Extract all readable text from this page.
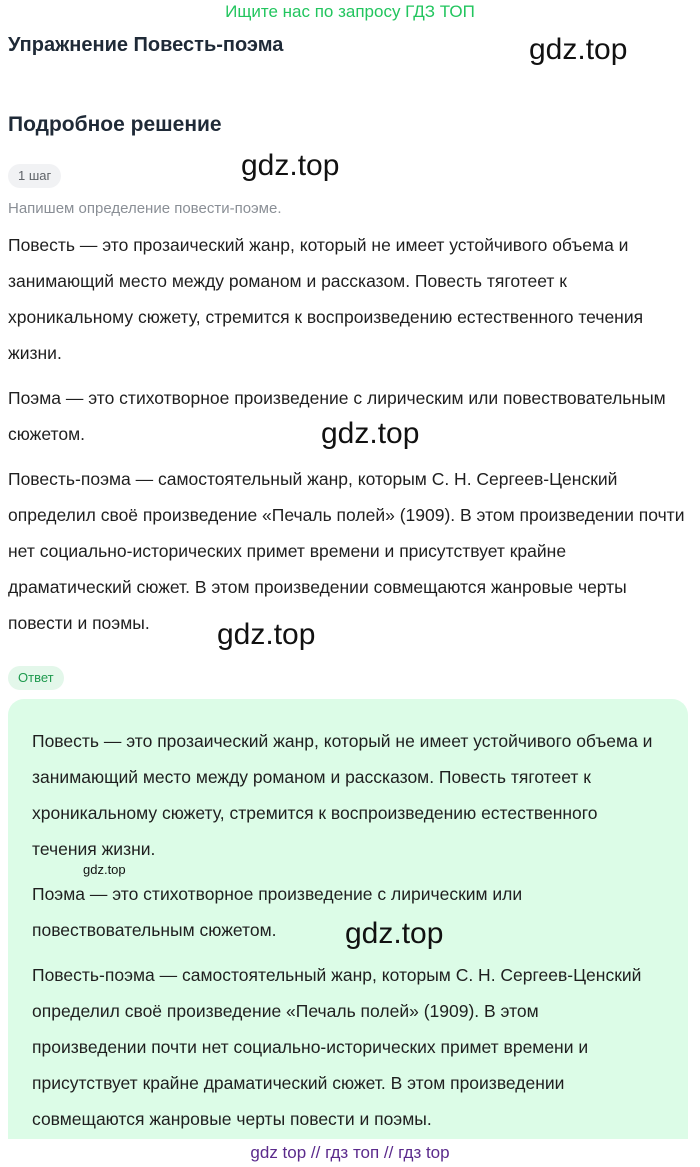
Ищите нас по запросу ГДЗ ТОП
Упражнение Повесть-поэма	gdz.top
Подробное решение
gdz.top
1 шаг
Напишем определение повести-поэме.

Повесть — это прозаический жанр, который не имеет устойчивого объема и занимающий место между романом и рассказом. Повесть тяготеет к хроникальному сюжету, стремится к воспроизведению естественного течения жизни.

Поэма — это стихотворное произведение с лирическим или повествовательным сюжетом.	gdz.top

Повесть-поэма — самостоятельный жанр, которым С. Н. Сергеев-Ценский определил своё произведение «Печаль полей» (1909). В этом произведении почти нет социально-исторических примет времени и присутствует крайне драматический сюжет. В этом произведении совмещаются жанровые черты повести и поэмы.	gdz.top
Ответ

Повесть — это прозаический жанр, который не имеет устойчивого объема и занимающий место между романом и рассказом. Повесть тяготеет к хроникальному сюжету, стремится к воспроизведению естественного течения жизни.

gdz.top

Поэма — это стихотворное произведение с лирическим или повествовательным сюжетом.	gdz.top

Повесть-поэма — самостоятельный жанр, которым С. Н. Сергеев-Ценский определил своё произведение «Печаль полей» (1909). В этом произведении почти нет социально-исторических примет времени и присутствует крайне драматический сюжет. В этом произведении совмещаются жанровые черты повести и поэмы.

gdz top // гдз топ // гдз top
